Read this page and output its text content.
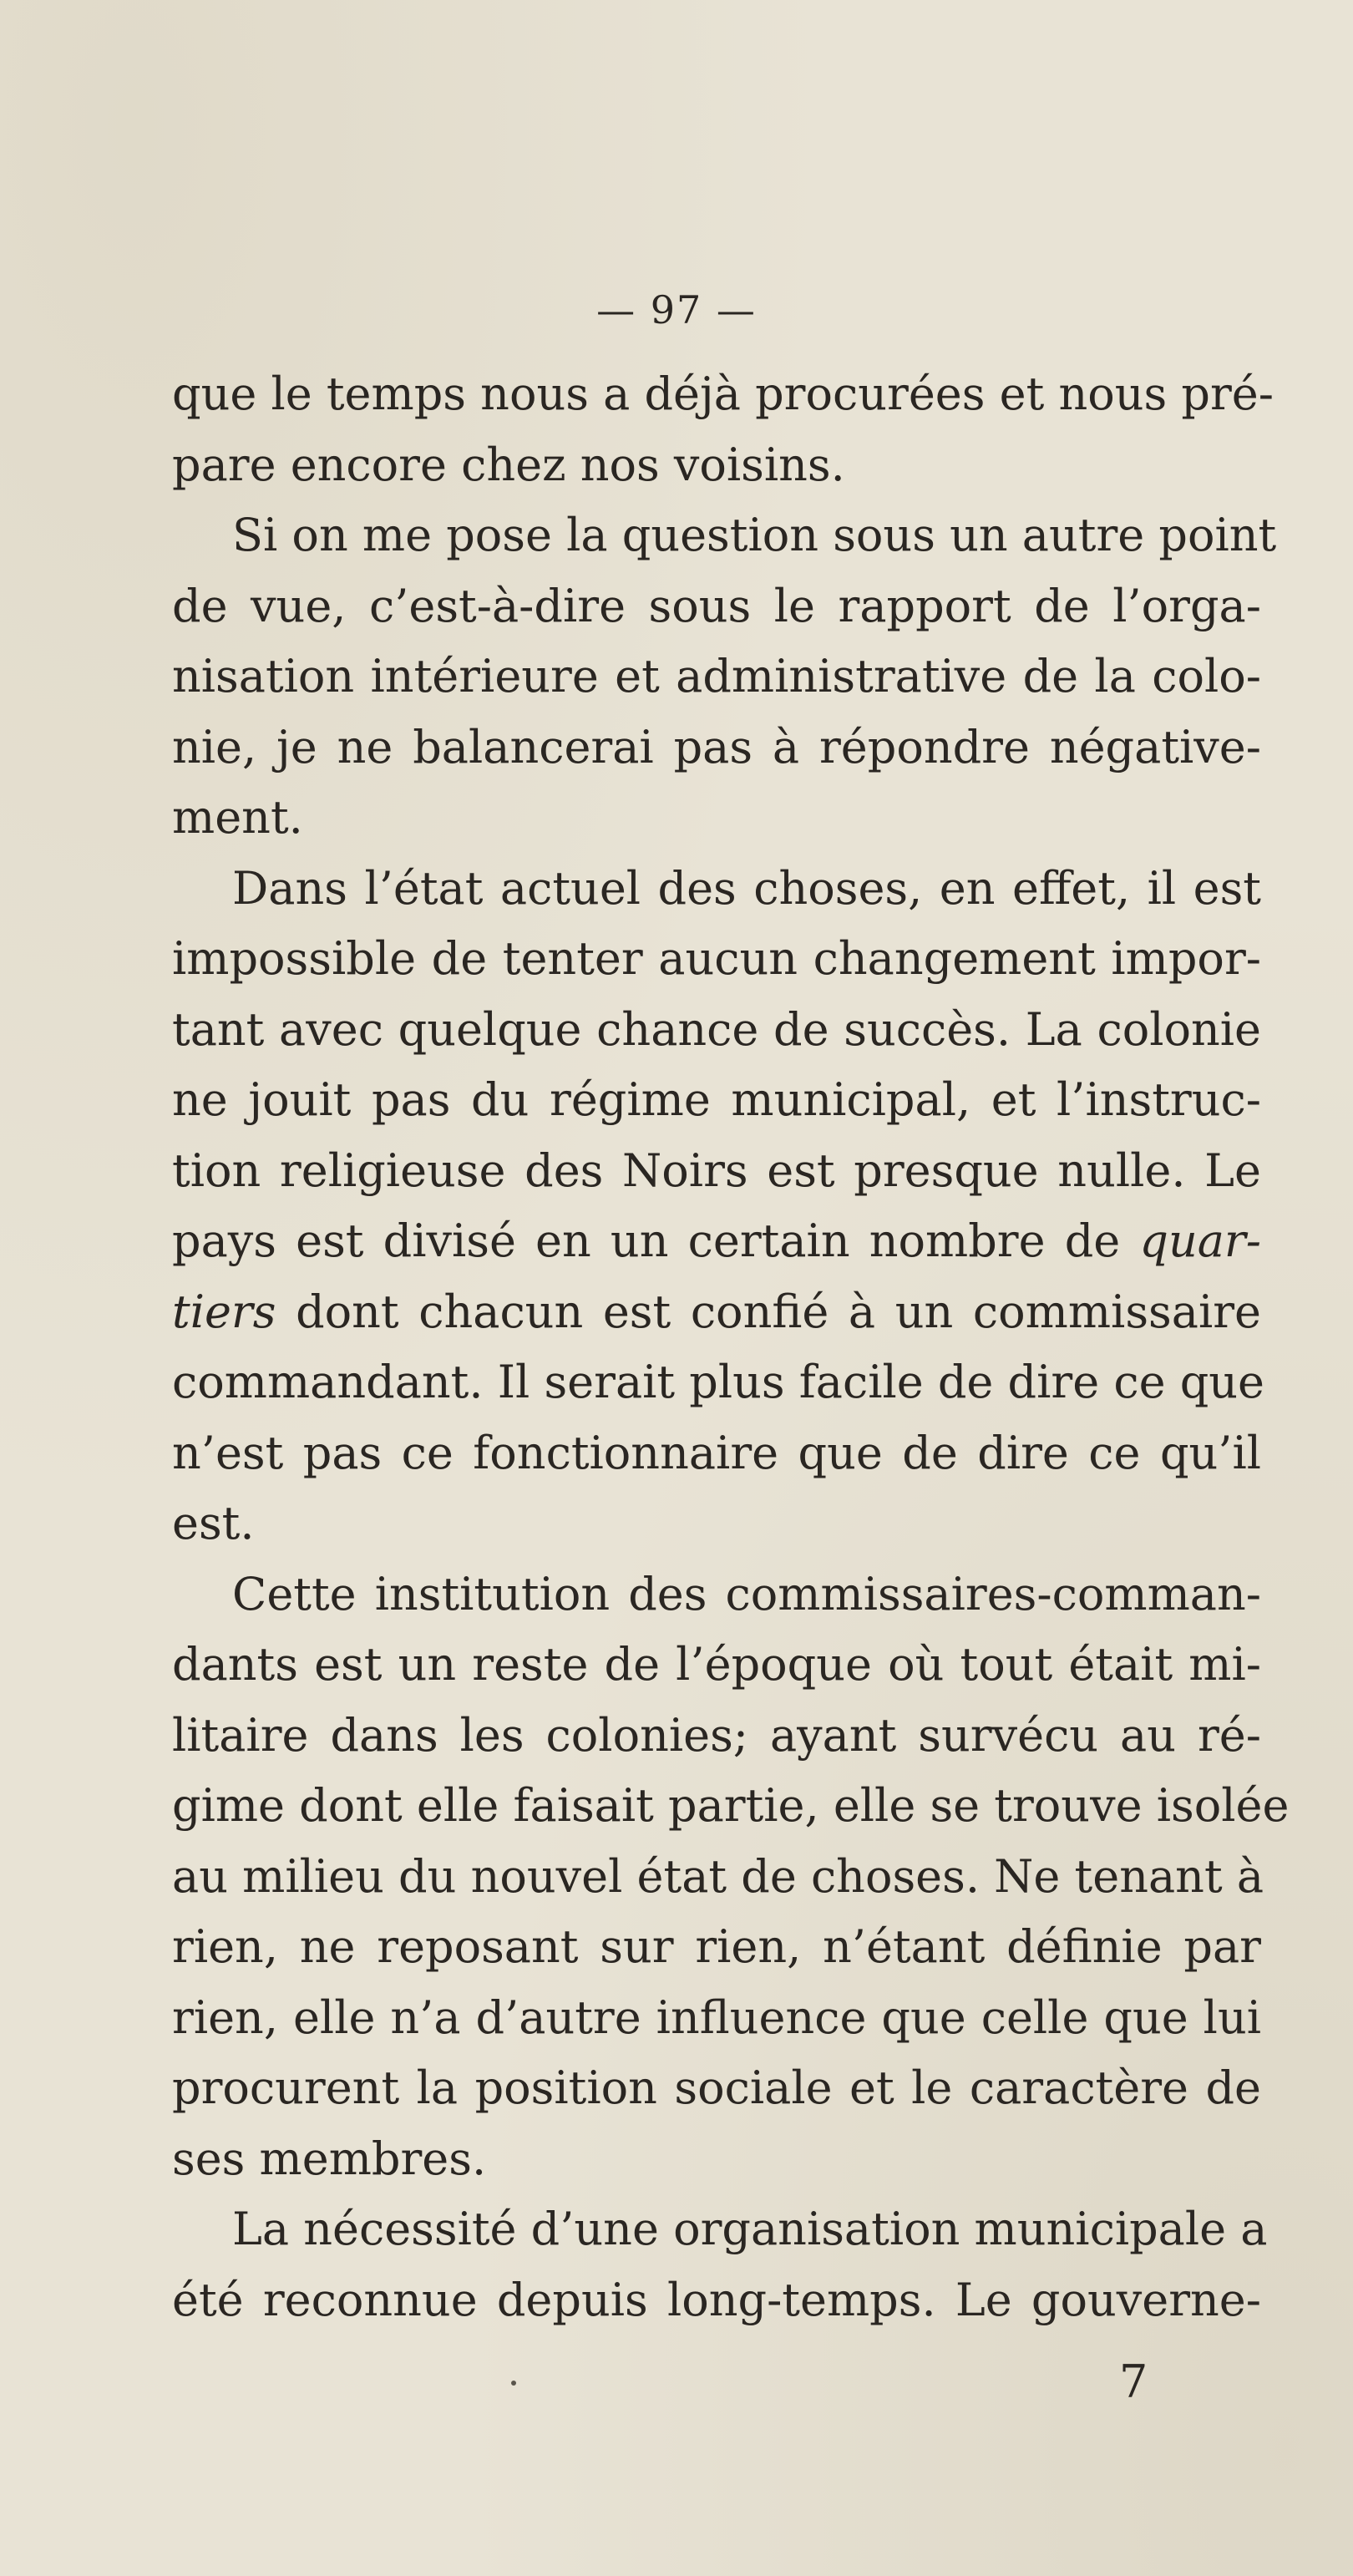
— 97 —
que le temps nous a déjà procurées et nous pré-
pare encore chez nos voisins.
Si on me pose la question sous un autre point
de vue, c’est-à-dire sous le rapport de l’orga-
nisation intérieure et administrative de la colo-
nie, je ne balancerai pas à répondre négative-
ment.
Dans l’état actuel des choses, en effet, il est
impossible de tenter aucun changement impor-
tant avec quelque chance de succès. La colonie
ne jouit pas du régime municipal, et l’instruc-
tion religieuse des Noirs est presque nulle. Le
pays est divisé en un certain nombre de quar-
tiers dont chacun est confié à un commissaire
commandant. Il serait plus facile de dire ce que
n’est pas ce fonctionnaire que de dire ce qu’il
est.
Cette institution des commissaires-comman-
dants est un reste de l’époque où tout était mi-
litaire dans les colonies; ayant survécu au ré-
gime dont elle faisait partie, elle se trouve isolée
au milieu du nouvel état de choses. Ne tenant à
rien, ne reposant sur rien, n’étant définie par
rien, elle n’a d’autre influence que celle que lui
procurent la position sociale et le caractère de
ses membres.
La nécessité d’une organisation municipale a
été reconnue depuis long-temps. Le gouverne-
7
